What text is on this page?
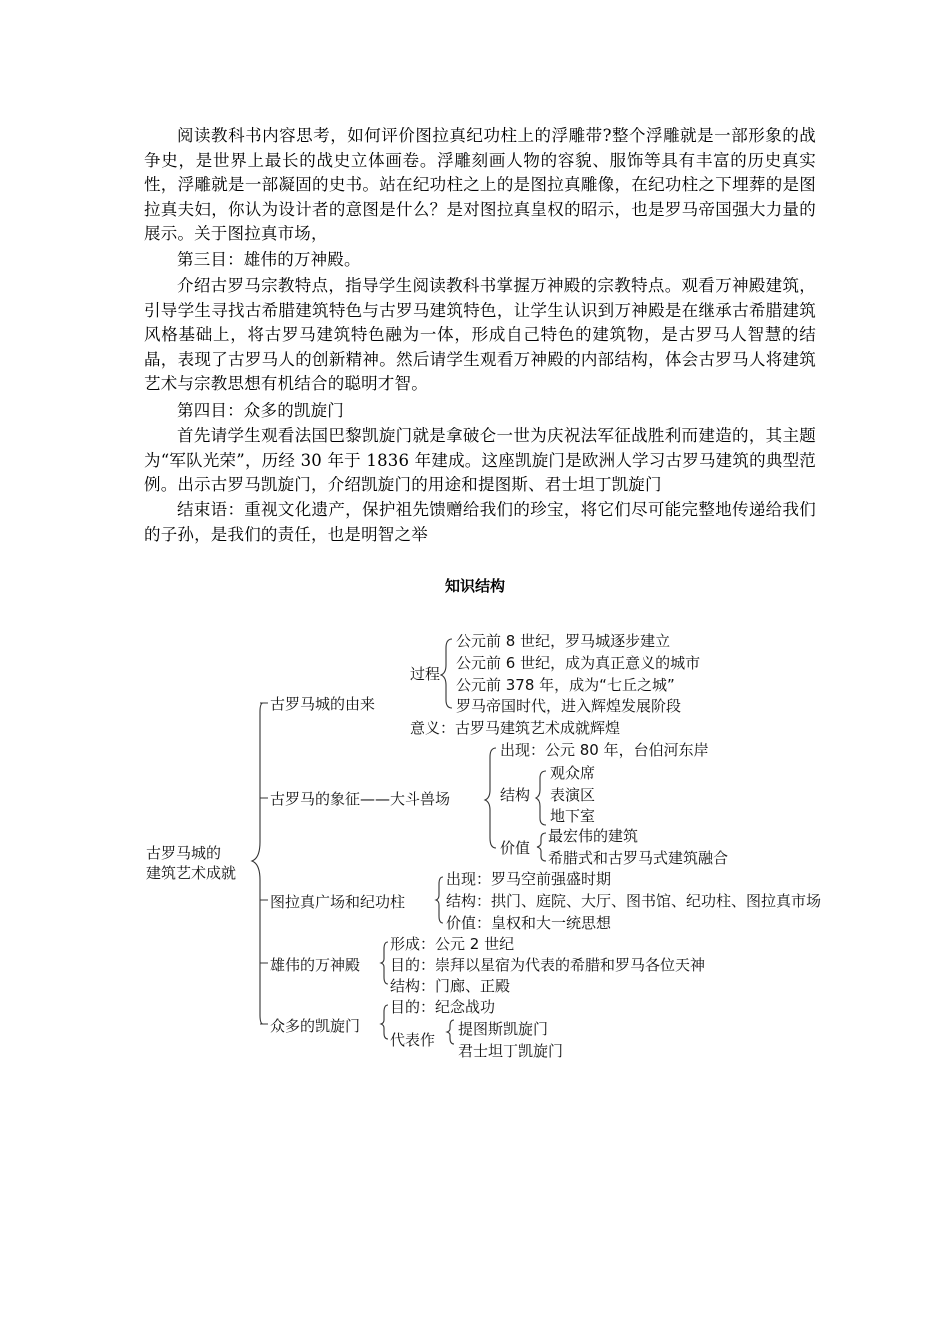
阅读教科书内容思考，如何评价图拉真纪功柱上的浮雕带?整个浮雕就是一部形象的战争史，是世界上最长的战史立体画卷。浮雕刻画人物的容貌、服饰等具有丰富的历史真实性，浮雕就是一部凝固的史书。站在纪功柱之上的是图拉真雕像，在纪功柱之下埋葬的是图拉真夫妇，你认为设计者的意图是什么？是对图拉真皇权的昭示，也是罗马帝国强大力量的展示。关于图拉真市场，

第三目：雄伟的万神殿。

介绍古罗马宗教特点，指导学生阅读教科书掌握万神殿的宗教特点。观看万神殿建筑，引导学生寻找古希腊建筑特色与古罗马建筑特色，让学生认识到万神殿是在继承古希腊建筑风格基础上，将古罗马建筑特色融为一体，形成自己特色的建筑物，是古罗马人智慧的结晶，表现了古罗马人的创新精神。然后请学生观看万神殿的内部结构，体会古罗马人将建筑艺术与宗教思想有机结合的聪明才智。

第四目：众多的凯旋门

首先请学生观看法国巴黎凯旋门就是拿破仑一世为庆祝法军征战胜利而建造的，其主题为“军队光荣”，历经 30 年于 1836 年建成。这座凯旋门是欧洲人学习古罗马建筑的典型范例。出示古罗马凯旋门，介绍凯旋门的用途和提图斯、君士坦丁凯旋门

结束语：重视文化遗产，保护祖先馈赠给我们的珍宝，将它们尽可能完整地传递给我们的子孙，是我们的责任，也是明智之举

知识结构
古罗马城的
建筑艺术成就
古罗马城的由来
过程
公元前 8 世纪，罗马城逐步建立
公元前 6 世纪，成为真正意义的城市
公元前 378 年，成为“七丘之城”
罗马帝国时代，进入辉煌发展阶段
意义：古罗马建筑艺术成就辉煌
古罗马的象征——大斗兽场
出现：公元 80 年，台伯河东岸
结构
观众席
表演区
地下室
价值
最宏伟的建筑
希腊式和古罗马式建筑融合
图拉真广场和纪功柱
出现：罗马空前强盛时期
结构：拱门、庭院、大厅、图书馆、纪功柱、图拉真市场
价值：皇权和大一统思想
雄伟的万神殿
形成：公元 2 世纪
目的：崇拜以星宿为代表的希腊和罗马各位天神
结构：门廊、正殿
众多的凯旋门
目的：纪念战功
代表作
提图斯凯旋门
君士坦丁凯旋门
